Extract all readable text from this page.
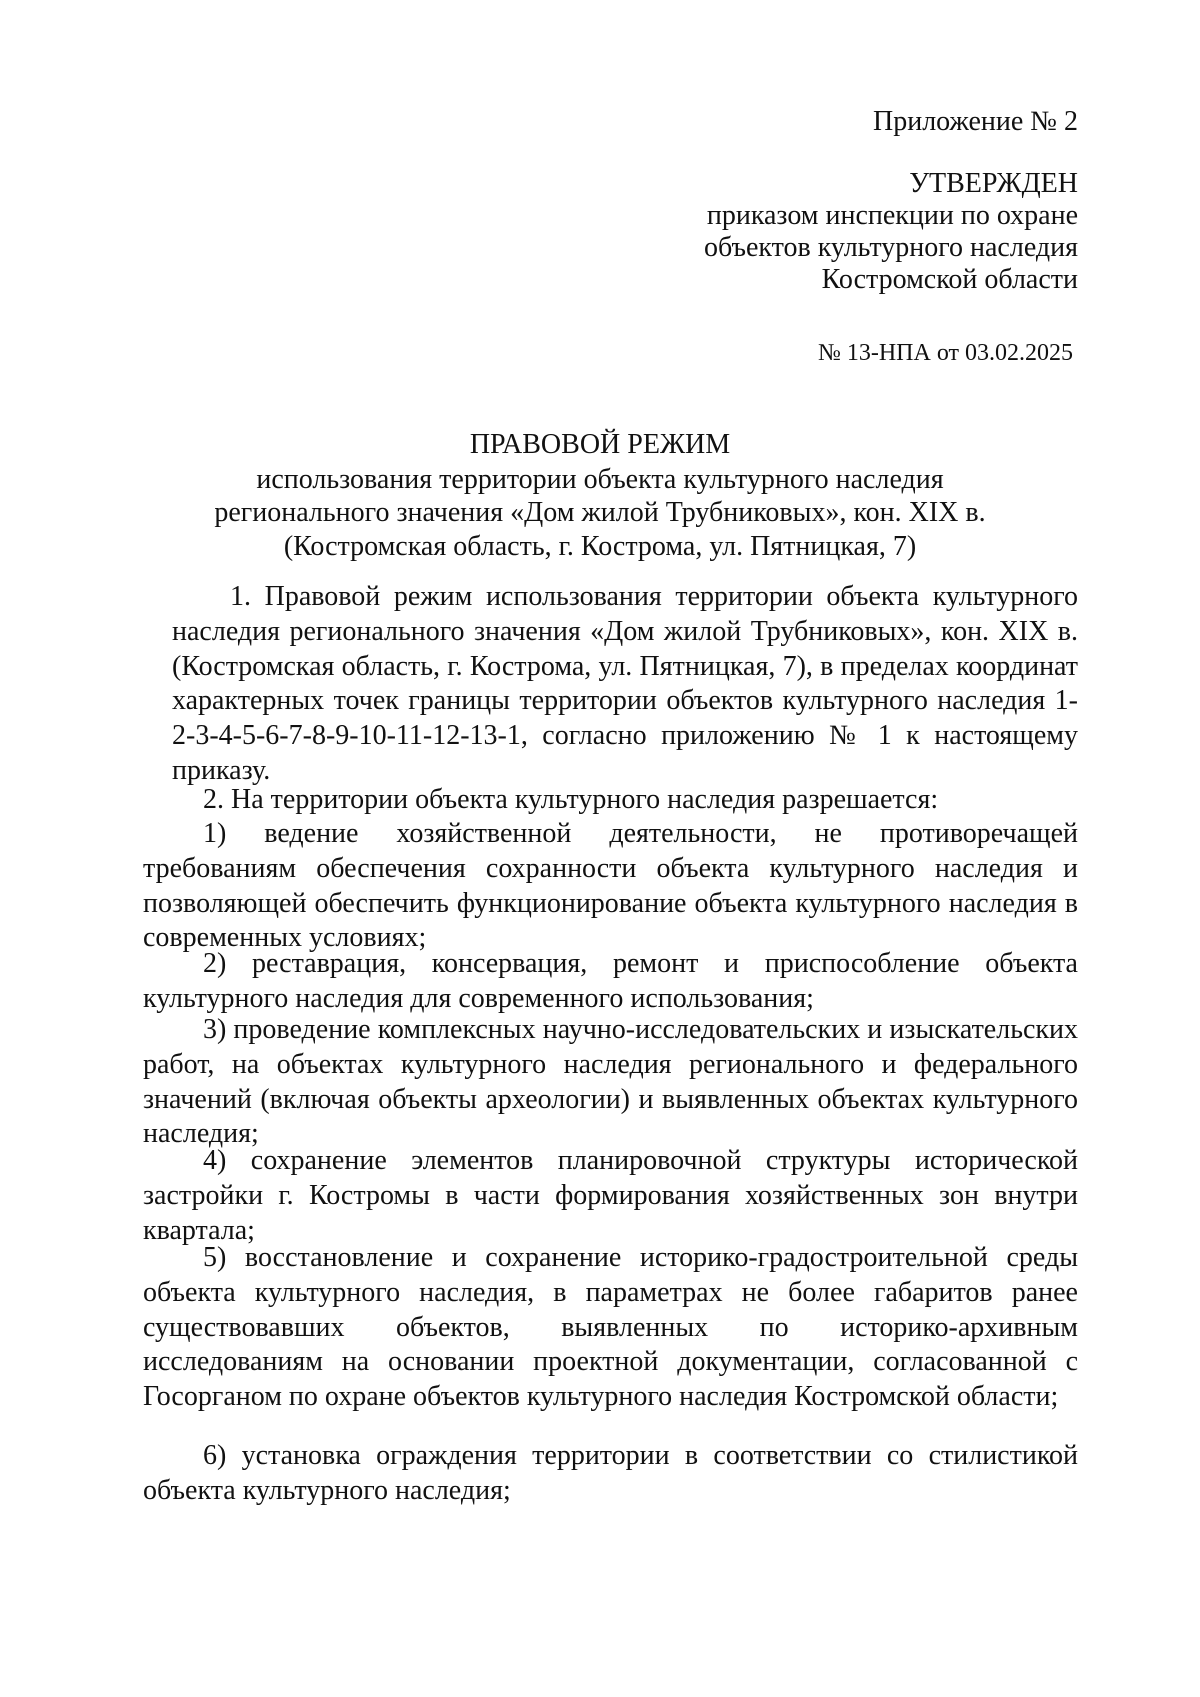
Приложение № 2
УТВЕРЖДЕН
приказом инспекции по охране
объектов культурного наследия
Костромской области
№ 13-НПА от 03.02.2025
ПРАВОВОЙ РЕЖИМ
использования территории объекта культурного наследия
регионального значения «Дом жилой Трубниковых», кон. XIX в.
(Костромская область, г. Кострома, ул. Пятницкая, 7)

1. Правовой режим использования территории объекта культурного наследия регионального значения «Дом жилой Трубниковых», кон. XIX в. (Костромская область, г. Кострома, ул. Пятницкая, 7), в пределах координат характерных точек границы территории объектов культурного наследия 1-2-3-4-5-6-7-8-9-10-11-12-13-1, согласно приложению № 1 к настоящему приказу.

2. На территории объекта культурного наследия разрешается:

1) ведение хозяйственной деятельности, не противоречащей требованиям обеспечения сохранности объекта культурного наследия и позволяющей обеспечить функционирование объекта культурного наследия в современных условиях;

2) реставрация, консервация, ремонт и приспособление объекта культурного наследия для современного использования;

3) проведение комплексных научно-исследовательских и изыскательских работ, на объектах культурного наследия регионального и федерального значений (включая объекты археологии) и выявленных объектах культурного наследия;

4) сохранение элементов планировочной структуры исторической застройки г. Костромы в части формирования хозяйственных зон внутри квартала;

5) восстановление и сохранение историко-градостроительной среды объекта культурного наследия, в параметрах не более габаритов ранее существовавших объектов, выявленных по историко-архивным исследованиям на основании проектной документации, согласованной с Госорганом по охране объектов культурного наследия Костромской области;

6) установка ограждения территории в соответствии со стилистикой объекта культурного наследия;
